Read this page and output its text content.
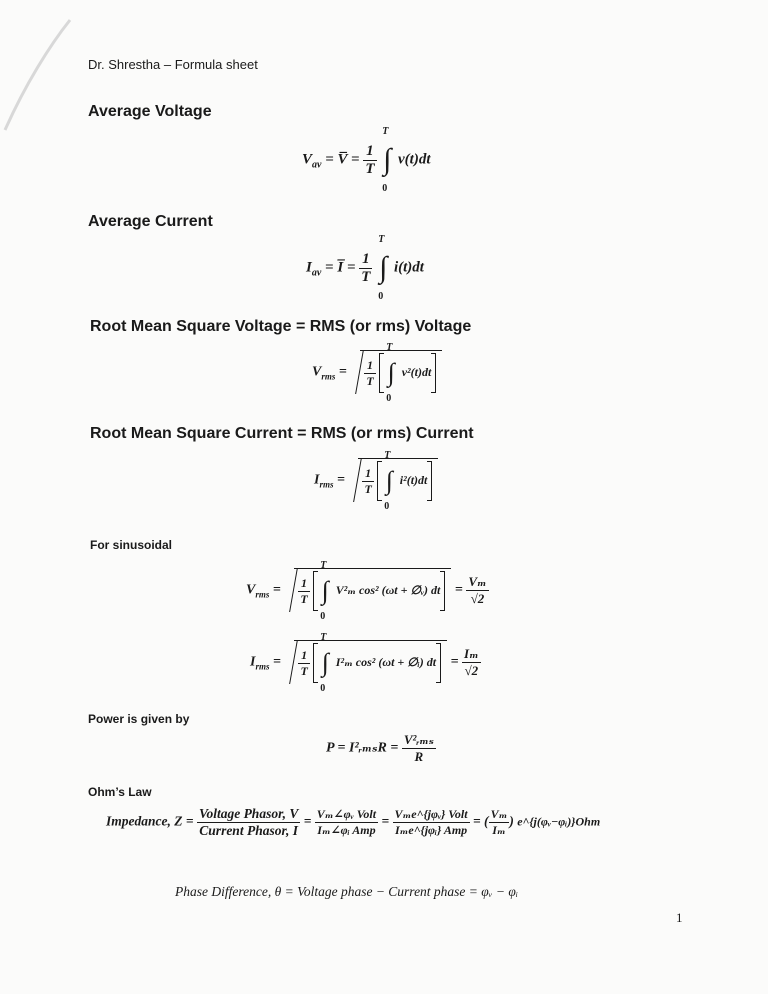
Dr. Shrestha – Formula sheet
Average Voltage
$V_{av}$ = V̅ = $\frac{1}{T}$

T
∫
0
v(t)dt
Average Current
$I_{av}$ = I̅ = $\frac{1}{T}$

T
∫
0
i(t)dt
Root Mean Square Voltage = RMS (or rms) Voltage
$V_{rms} = \frac{1}{T}$

T
∫
0
v²(t)dt
Root Mean Square Current = RMS (or rms) Current
$I_{rms} = \frac{1}{T}$

T
∫
0
i²(t)dt
For sinusoidal
$V_{rms} = \frac{1}{T}$

T
∫
0
V²ₘ cos² (ωt + ∅ᵥ) dt = $\frac{\text{Vₘ}}{√2}$
$I_{rms} = \frac{1}{T}$

T
∫
0
I²ₘ cos² (ωt + ∅ᵢ) dt = $\frac{\text{Iₘ}}{√2}$
Power is given by
P = I²ᵣₘₛR = $\frac{\text{V²ᵣₘₛ}}{R}$
Ohm’s Law
Impedance, $Z = \frac{\text{Voltage Phasor, V}}{\text{Current Phasor, I}} = \frac{\text{Vₘ∠φᵥ Volt}}{\text{Iₘ∠φᵢ Amp}} = \frac{\text{Vₘe\textasciicircum{}\{jφᵥ\} Volt}}{\text{Iₘe\textasciicircum{}\{jφᵢ\} Amp}}$ = ( $\frac{\text{Vₘ}}{\text{Iₘ}}$ ) e^{j(φᵥ−φᵢ)}Ohm
Phase Difference, θ = Voltage phase − Current phase = φᵥ − φᵢ
1
